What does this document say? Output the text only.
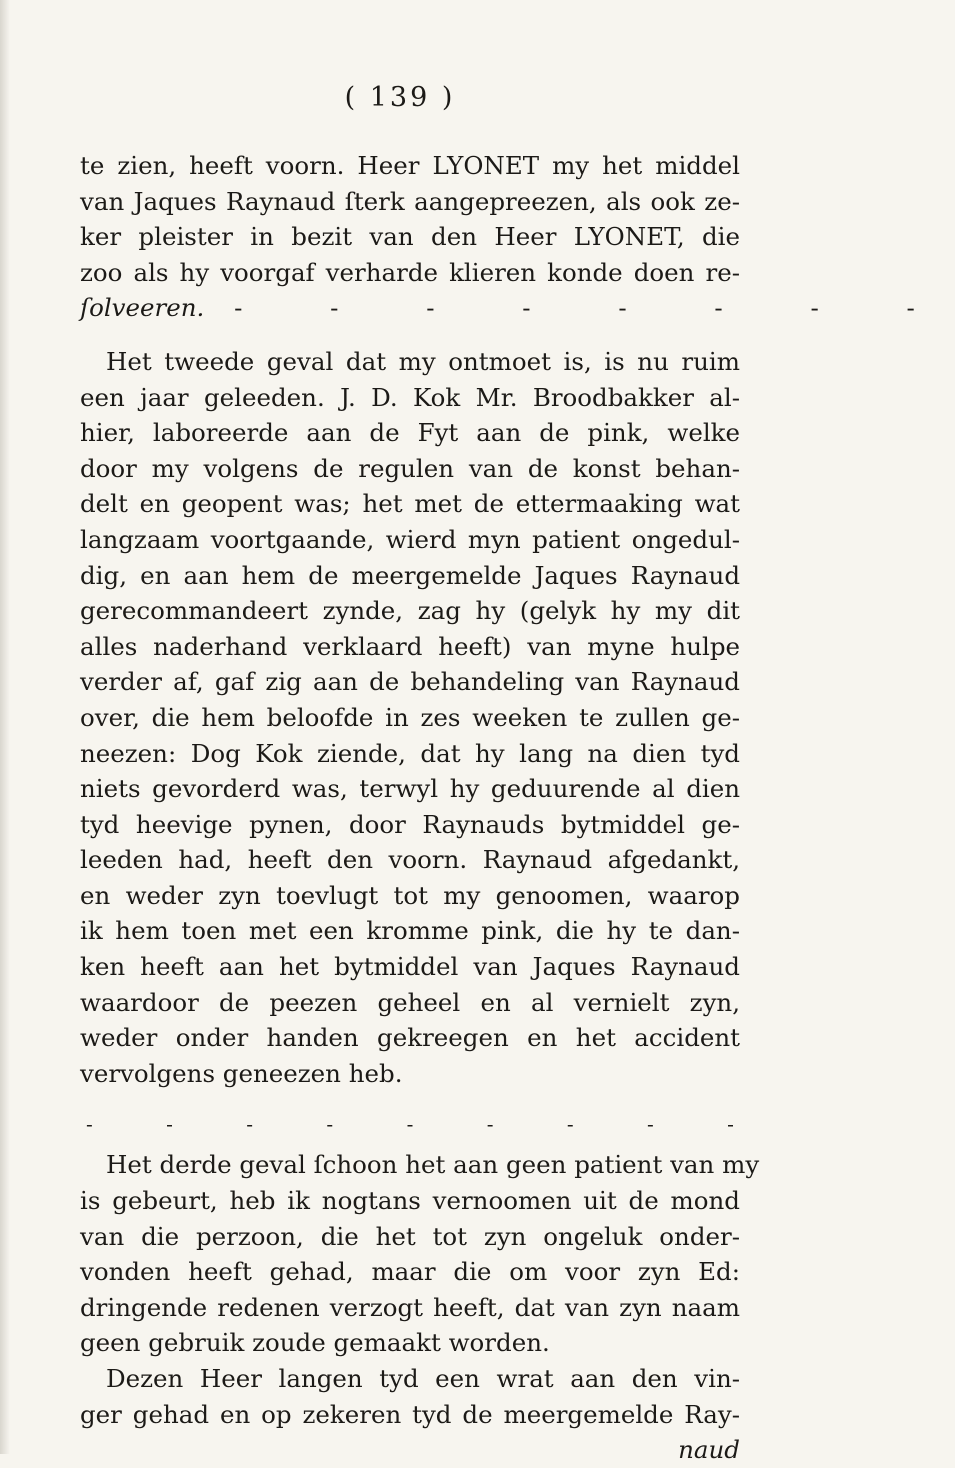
( 139 )
te zien, heeft voorn. Heer LYONET my het middel
van Jaques Raynaud ſterk aangepreezen, als ook ze-
ker pleister in bezit van den Heer LYONET, die
zoo als hy voorgaf verharde klieren konde doen re-
ſolveeren. - - - - - - - -
Het tweede geval dat my ontmoet is, is nu ruim
een jaar geleeden. J. D. Kok Mr. Broodbakker al-
hier, laboreerde aan de Fyt aan de pink, welke
door my volgens de regulen van de konst behan-
delt en geopent was; het met de ettermaaking wat
langzaam voortgaande, wierd myn patient ongedul-
dig, en aan hem de meergemelde Jaques Raynaud
gerecommandeert zynde, zag hy (gelyk hy my dit
alles naderhand verklaard heeft) van myne hulpe
verder af, gaf zig aan de behandeling van Raynaud
over, die hem beloofde in zes weeken te zullen ge-
neezen: Dog Kok ziende, dat hy lang na dien tyd
niets gevorderd was, terwyl hy geduurende al dien
tyd heevige pynen, door Raynauds bytmiddel ge-
leeden had, heeft den voorn. Raynaud afgedankt,
en weder zyn toevlugt tot my genoomen, waarop
ik hem toen met een kromme pink, die hy te dan-
ken heeft aan het bytmiddel van Jaques Raynaud
waardoor de peezen geheel en al vernielt zyn,
weder onder handen gekreegen en het accident
vervolgens geneezen heb.
-	-	-	-	-	-	-	-	-
Het derde geval ſchoon het aan geen patient van my
is gebeurt, heb ik nogtans vernoomen uit de mond
van die perzoon, die het tot zyn ongeluk onder-
vonden heeft gehad, maar die om voor zyn Ed:
dringende redenen verzogt heeft, dat van zyn naam
geen gebruik zoude gemaakt worden.
Dezen Heer langen tyd een wrat aan den vin-
ger gehad en op zekeren tyd de meergemelde Ray-
naud
